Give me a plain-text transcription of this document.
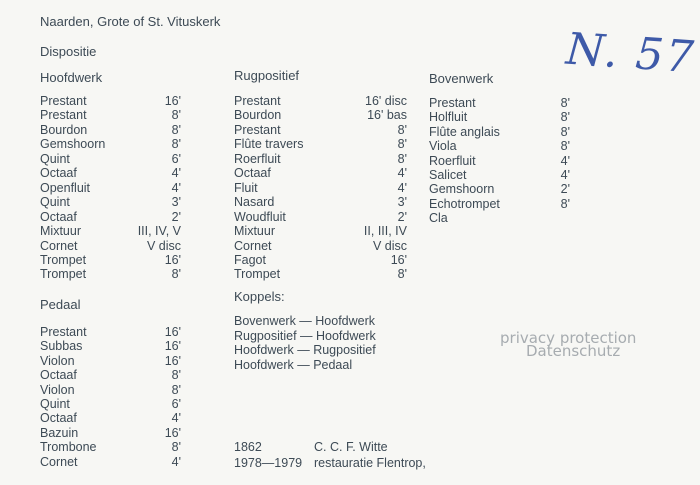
Naarden, Grote of St. Vituskerk
Dispositie	N. 57
Hoofdwerk
Prestant	16'
Prestant	8'
Bourdon	8'
Gemshoorn	8'
Quint	6'
Octaaf	4'
Openfluit	4'
Quint	3'
Octaaf	2'
Mixtuur	III, IV, V
Cornet	V disc
Trompet	16'
Trompet	8'
Pedaal
Prestant	16'
Subbas	16'
Violon	16'
Octaaf	8'
Violon	8'
Quint	6'
Octaaf	4'
Bazuin	16'
Trombone	8'
Cornet	4'
Rugpositief
Prestant	16' disc
Bourdon	16' bas
Prestant	8'
Flûte travers	8'
Roerfluit	8'
Octaaf	4'
Fluit	4'
Nasard	3'
Woudfluit	2'
Mixtuur	II, III, IV
Cornet	V disc
Fagot	16'
Trompet	8'
Koppels:
Bovenwerk — Hoofdwerk
Rugpositief — Hoofdwerk
Hoofdwerk — Rugpositief
Hoofdwerk — Pedaal
Bovenwerk
Prestant	8'
Holfluit	8'
Flûte anglais	8'
Viola	8'
Roerfluit	4'
Salicet	4'
Gemshoorn	2'
Echotrompet	8'
Cla
1862	C. C. F. Witte
1978—1979 restauratie Flentrop,
privacy protection
Datenschutz
